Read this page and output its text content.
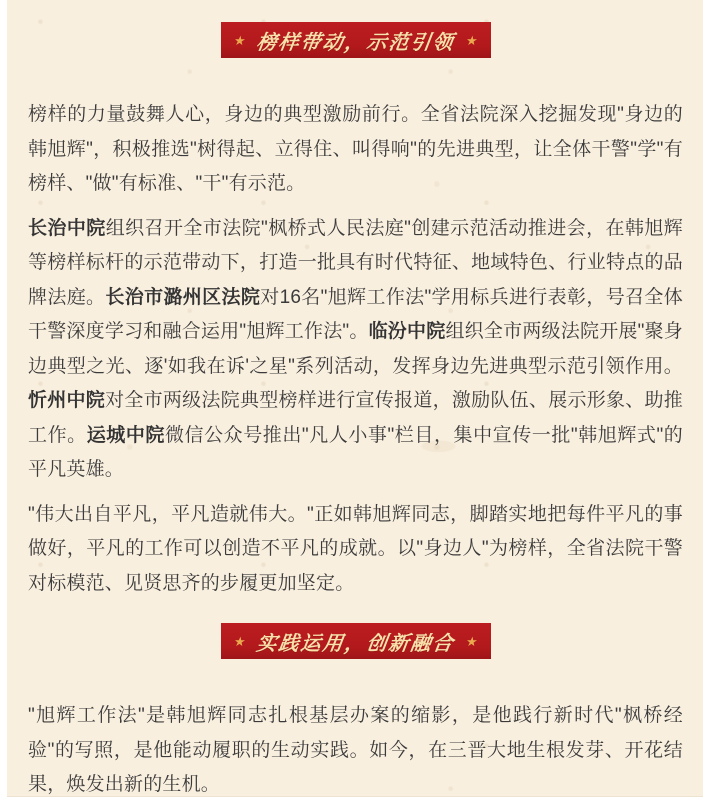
★ 榜样带动，示范引领 ★

榜样的力量鼓舞人心，身边的典型激励前行。全省法院深入挖掘发现"身边的韩旭辉"，积极推选"树得起、立得住、叫得响"的先进典型，让全体干警"学"有榜样、"做"有标准、"干"有示范。

长治中院组织召开全市法院"枫桥式人民法庭"创建示范活动推进会，在韩旭辉等榜样标杆的示范带动下，打造一批具有时代特征、地域特色、行业特点的品牌法庭。长治市潞州区法院对16名"旭辉工作法"学用标兵进行表彰，号召全体干警深度学习和融合运用"旭辉工作法"。临汾中院组织全市两级法院开展"聚身边典型之光、逐'如我在诉'之星"系列活动，发挥身边先进典型示范引领作用。忻州中院对全市两级法院典型榜样进行宣传报道，激励队伍、展示形象、助推工作。运城中院微信公众号推出"凡人小事"栏目，集中宣传一批"韩旭辉式"的平凡英雄。

"伟大出自平凡，平凡造就伟大。"正如韩旭辉同志，脚踏实地把每件平凡的事做好，平凡的工作可以创造不平凡的成就。以"身边人"为榜样，全省法院干警对标模范、见贤思齐的步履更加坚定。

★ 实践运用，创新融合 ★

"旭辉工作法"是韩旭辉同志扎根基层办案的缩影，是他践行新时代"枫桥经验"的写照，是他能动履职的生动实践。如今，在三晋大地生根发芽、开花结果，焕发出新的生机。
